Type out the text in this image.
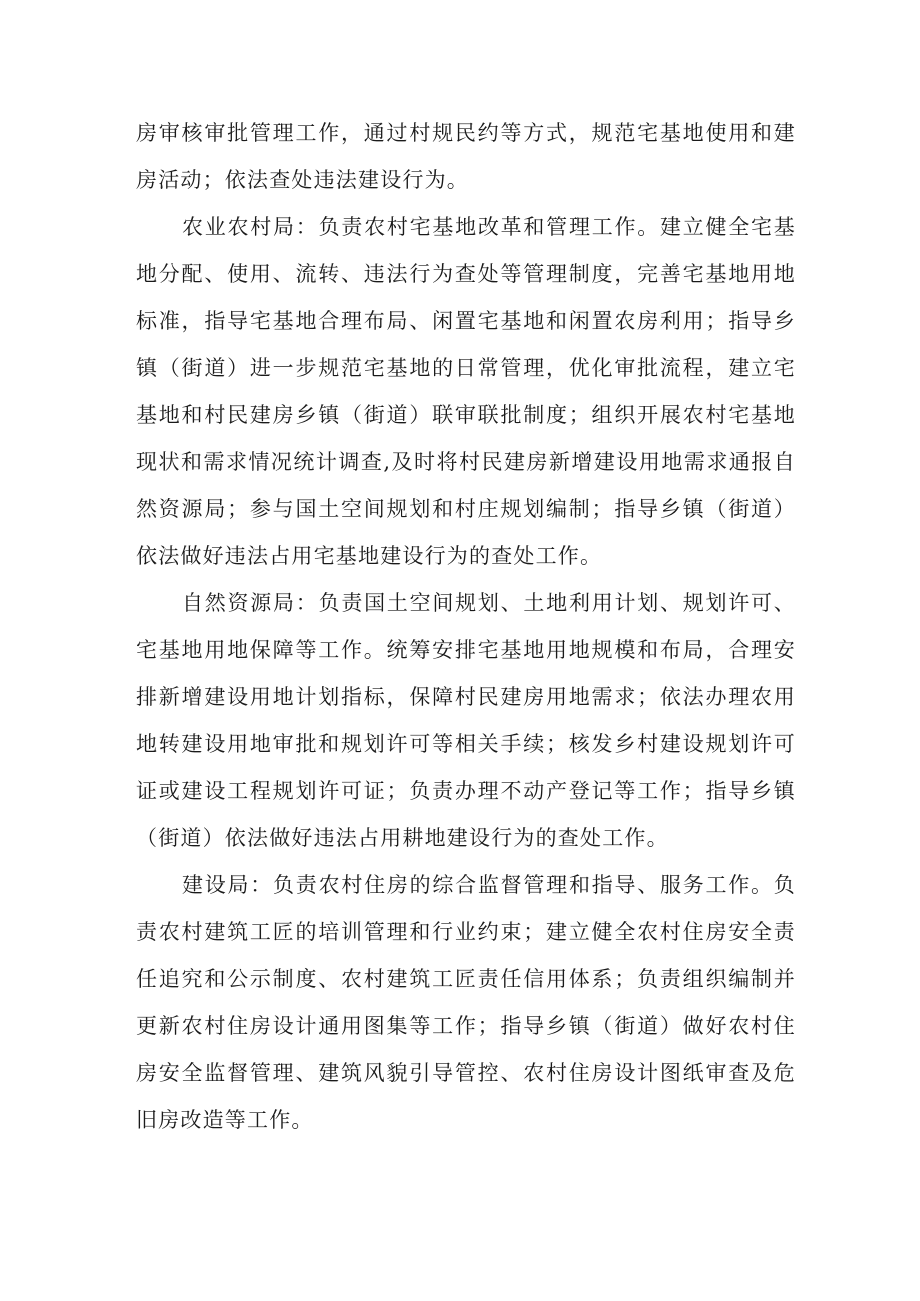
房审核审批管理工作，通过村规民约等方式，规范宅基地使用和建房活动；依法查处违法建设行为。

农业农村局：负责农村宅基地改革和管理工作。建立健全宅基地分配、使用、流转、违法行为查处等管理制度，完善宅基地用地标准，指导宅基地合理布局、闲置宅基地和闲置农房利用；指导乡镇（街道）进一步规范宅基地的日常管理，优化审批流程，建立宅基地和村民建房乡镇（街道）联审联批制度；组织开展农村宅基地现状和需求情况统计调查,及时将村民建房新增建设用地需求通报自然资源局；参与国土空间规划和村庄规划编制；指导乡镇（街道）依法做好违法占用宅基地建设行为的查处工作。

自然资源局：负责国土空间规划、土地利用计划、规划许可、宅基地用地保障等工作。统筹安排宅基地用地规模和布局，合理安排新增建设用地计划指标，保障村民建房用地需求；依法办理农用地转建设用地审批和规划许可等相关手续；核发乡村建设规划许可证或建设工程规划许可证；负责办理不动产登记等工作；指导乡镇（街道）依法做好违法占用耕地建设行为的查处工作。

建设局：负责农村住房的综合监督管理和指导、服务工作。负责农村建筑工匠的培训管理和行业约束；建立健全农村住房安全责任追究和公示制度、农村建筑工匠责任信用体系；负责组织编制并更新农村住房设计通用图集等工作；指导乡镇（街道）做好农村住房安全监督管理、建筑风貌引导管控、农村住房设计图纸审查及危旧房改造等工作。
